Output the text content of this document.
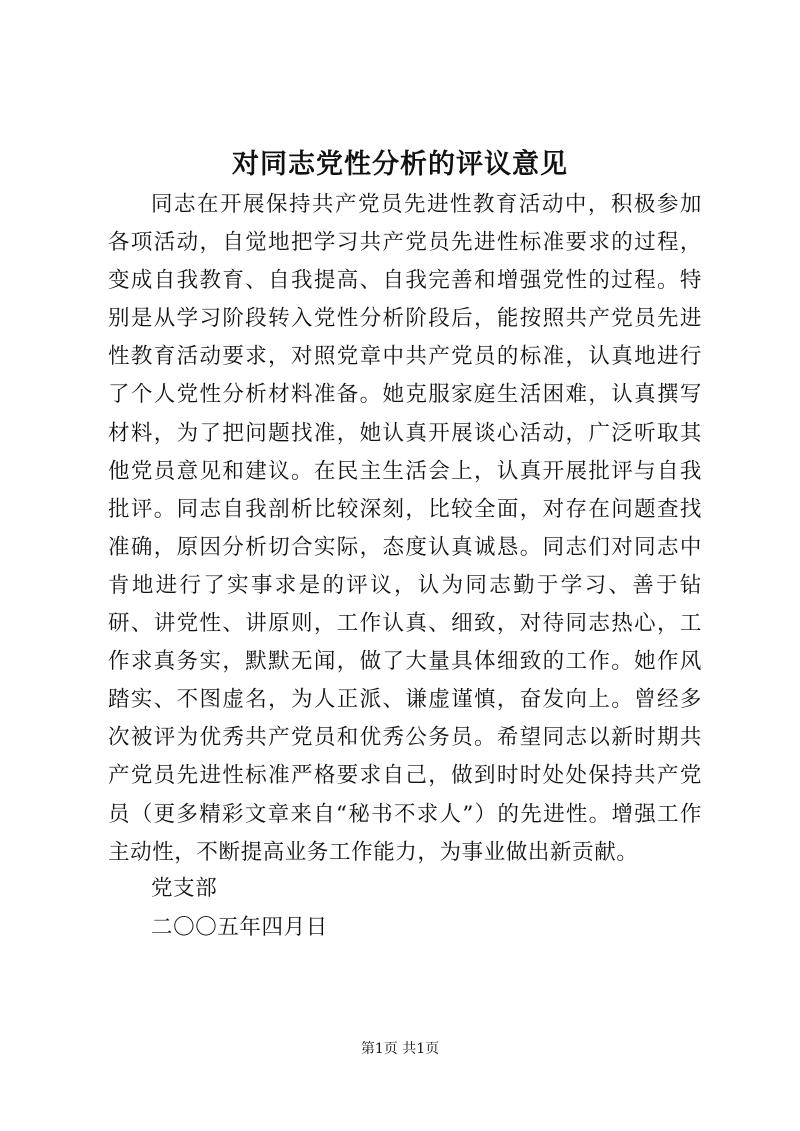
对同志党性分析的评议意见

同志在开展保持共产党员先进性教育活动中，积极参加各项活动，自觉地把学习共产党员先进性标准要求的过程，变成自我教育、自我提高、自我完善和增强党性的过程。特别是从学习阶段转入党性分析阶段后，能按照共产党员先进性教育活动要求，对照党章中共产党员的标准，认真地进行了个人党性分析材料准备。她克服家庭生活困难，认真撰写材料，为了把问题找准，她认真开展谈心活动，广泛听取其他党员意见和建议。在民主生活会上，认真开展批评与自我批评。同志自我剖析比较深刻，比较全面，对存在问题查找准确，原因分析切合实际，态度认真诚恳。同志们对同志中肯地进行了实事求是的评议，认为同志勤于学习、善于钻研、讲党性、讲原则，工作认真、细致，对待同志热心，工作求真务实，默默无闻，做了大量具体细致的工作。她作风踏实、不图虚名，为人正派、谦虚谨慎，奋发向上。曾经多次被评为优秀共产党员和优秀公务员。希望同志以新时期共产党员先进性标准严格要求自己，做到时时处处保持共产党员（更多精彩文章来自“秘书不求人”）的先进性。增强工作主动性，不断提高业务工作能力，为事业做出新贡献。

党支部

二〇〇五年四月日

第1页 共1页
